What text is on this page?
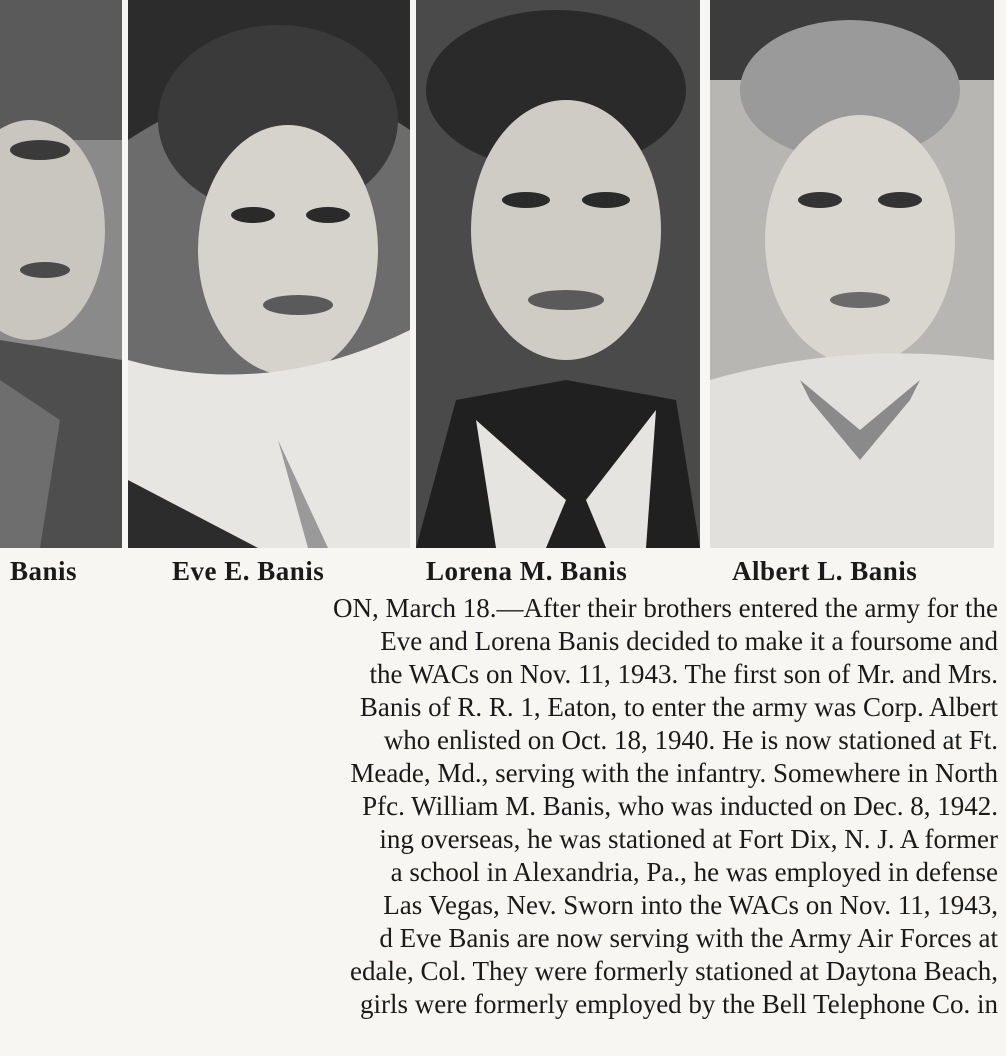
Banis	Eve E. Banis	Lorena M. Banis	Albert L. Banis
ON, March 18.—After their brothers entered the army for the
Eve and Lorena Banis decided to make it a foursome and
the WACs on Nov. 11, 1943. The first son of Mr. and Mrs.
Banis of R. R. 1, Eaton, to enter the army was Corp. Albert
who enlisted on Oct. 18, 1940. He is now stationed at Ft.
Meade, Md., serving with the infantry. Somewhere in North
Pfc. William M. Banis, who was inducted on Dec. 8, 1942.
ing overseas, he was stationed at Fort Dix, N. J. A former
a school in Alexandria, Pa., he was employed in defense
Las Vegas, Nev. Sworn into the WACs on Nov. 11, 1943,
d Eve Banis are now serving with the Army Air Forces at
edale, Col. They were formerly stationed at Daytona Beach,
girls were formerly employed by the Bell Telephone Co. in
